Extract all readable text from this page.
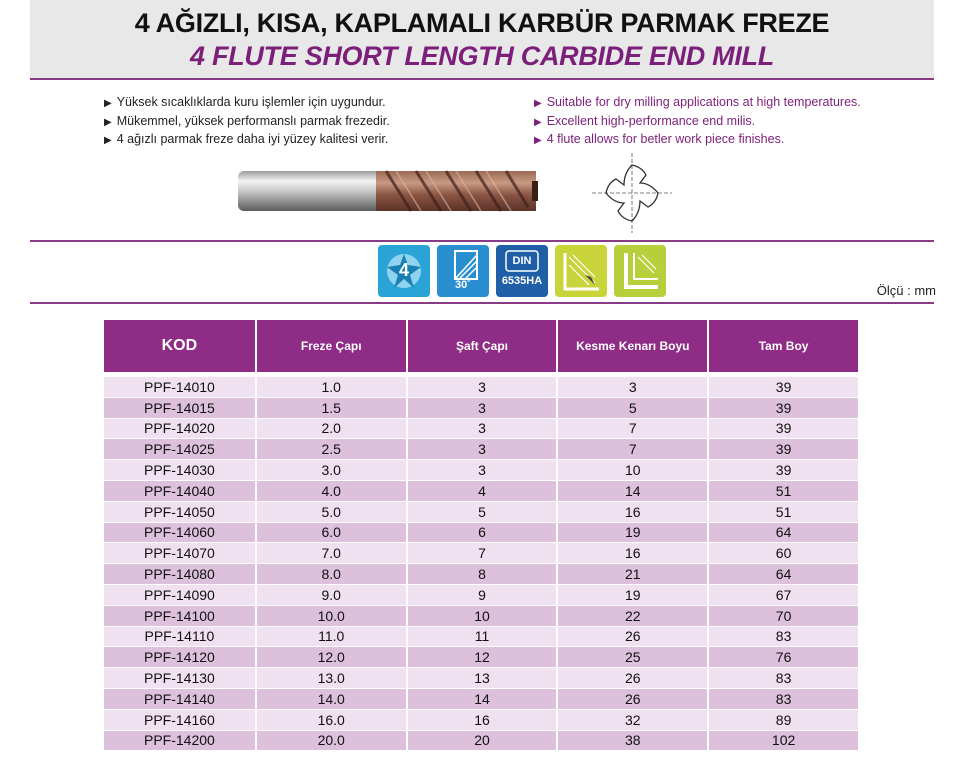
4 AĞIZLI, KISA, KAPLAMALI KARBÜR PARMAK FREZE
4 FLUTE SHORT LENGTH CARBIDE END MILL
▶ Yüksek sıcaklıklarda kuru işlemler için uygundur.
▶ Mükemmel, yüksek performanslı parmak frezedir.
▶ 4 ağızlı parmak freze daha iyi yüzey kalitesi verir.
▶ Suitable for dry milling applications at high temperatures.
▶ Excellent high-performance end milis.
▶ 4 flute allows for betler work piece finishes.
4
30˚
DIN
6535HA
Ölçü : mm
KOD	Freze Çapı	Şaft Çapı	Kesme Kenarı Boyu	Tam Boy

PPF-14010	1.0	3	3	39
PPF-14015	1.5	3	5	39
PPF-14020	2.0	3	7	39
PPF-14025	2.5	3	7	39
PPF-14030	3.0	3	10	39
PPF-14040	4.0	4	14	51
PPF-14050	5.0	5	16	51
PPF-14060	6.0	6	19	64
PPF-14070	7.0	7	16	60
PPF-14080	8.0	8	21	64
PPF-14090	9.0	9	19	67
PPF-14100	10.0	10	22	70
PPF-14110	11.0	11	26	83
PPF-14120	12.0	12	25	76
PPF-14130	13.0	13	26	83
PPF-14140	14.0	14	26	83
PPF-14160	16.0	16	32	89
PPF-14200	20.0	20	38	102
